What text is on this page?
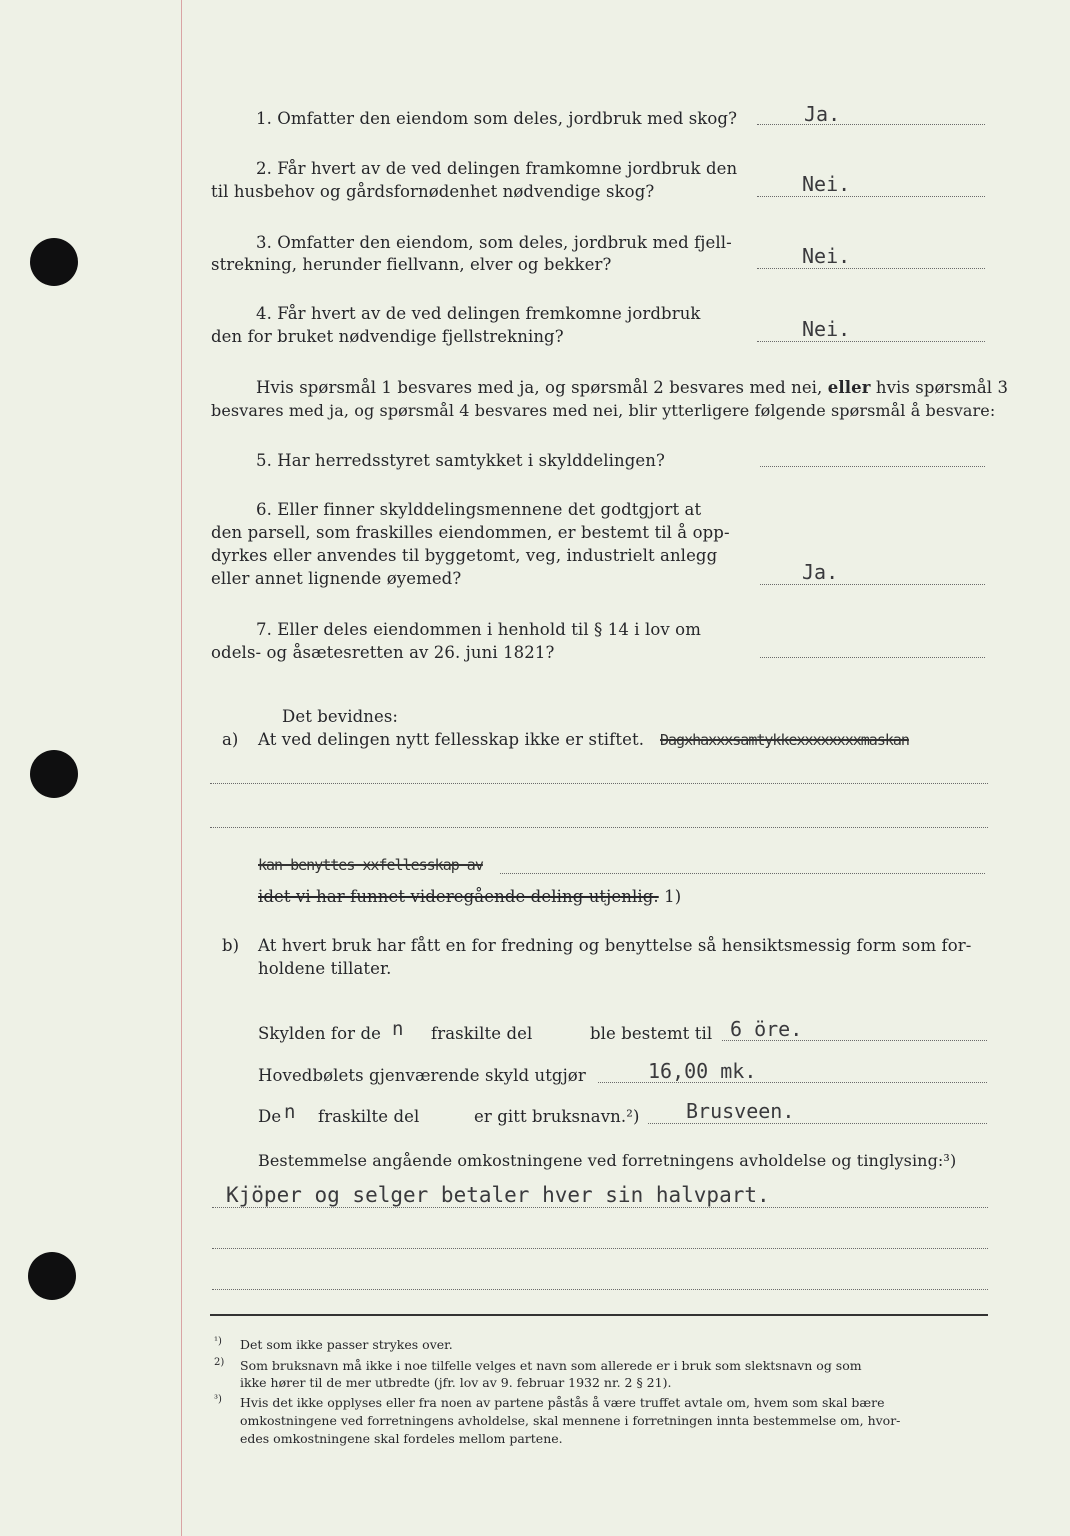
1. Omfatter den eiendom som deles, jordbruk med skog?	Ja.
2. Får hvert av de ved delingen framkomne jordbruk den
til husbehov og gårdsfornødenhet nødvendige skog?	Nei.
3. Omfatter den eiendom, som deles, jordbruk med fjell-
strekning, herunder fiellvann, elver og bekker?	Nei.
4. Får hvert av de ved delingen fremkomne jordbruk
den for bruket nødvendige fjellstrekning?	Nei.
Hvis spørsmål 1 besvares med ja, og spørsmål 2 besvares med nei, eller hvis spørsmål 3
besvares med ja, og spørsmål 4 besvares med nei, blir ytterligere følgende spørsmål å besvare:
5. Har herredsstyret samtykket i skylddelingen?
6. Eller finner skylddelingsmennene det godtgjort at
den parsell, som fraskilles eiendommen, er bestemt til å opp-
dyrkes eller anvendes til byggetomt, veg, industrielt anlegg
eller annet lignende øyemed?	Ja.
7. Eller deles eiendommen i henhold til § 14 i lov om
odels- og åsætesretten av 26. juni 1821?
Det bevidnes:
a) At ved delingen nytt fellesskap ikke er stiftet. Dagxhaxxxsamtykkexxxxxxxxmaskan
kan benyttes xxfellesskap av
idet vi har funnet videregående deling utjenlig. 1)
b) At hvert bruk har fått en for fredning og benyttelse så hensiktsmessig form som for-
holdene tillater.
Skylden for de n fraskilte del	ble bestemt til 6 öre.
Hovedbølets gjenværende skyld utgjør	16,00 mk.
De n fraskilte del	er gitt bruksnavn.²) Brusveen.
Bestemmelse angående omkostningene ved forretningens avholdelse og tinglysing:³)
Kjöper og selger betaler hver sin halvpart.
¹) Det som ikke passer strykes over.
2) Som bruksnavn må ikke i noe tilfelle velges et navn som allerede er i bruk som slektsnavn og som
ikke hører til de mer utbredte (jfr. lov av 9. februar 1932 nr. 2 § 21).
³) Hvis det ikke opplyses eller fra noen av partene påstås å være truffet avtale om, hvem som skal bære
omkostningene ved forretningens avholdelse, skal mennene i forretningen innta bestemmelse om, hvor-
edes omkostningene skal fordeles mellom partene.
